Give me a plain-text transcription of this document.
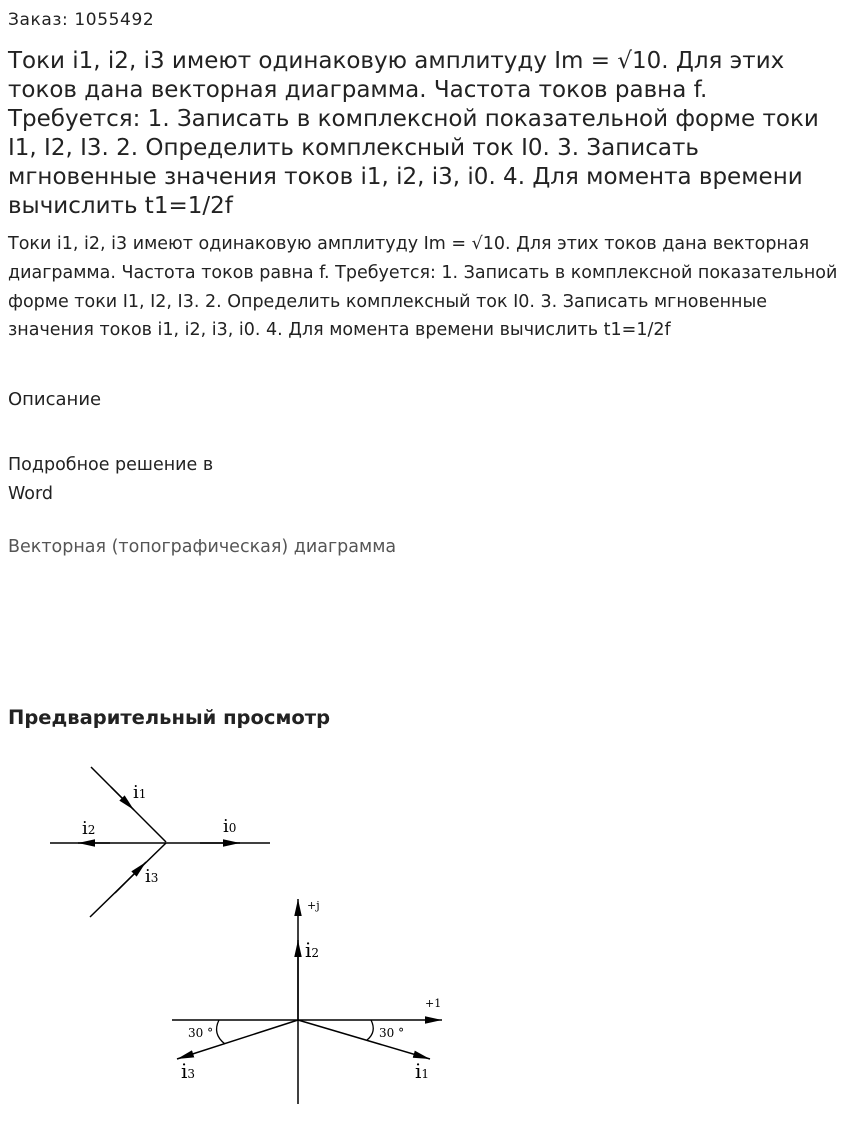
Заказ: 1055492
Токи i1, i2, i3 имеют одинаковую амплитуду Im = √10. Для этих токов дана векторная диаграмма. Частота токов равна f. Требуется: 1. Записать в комплексной показательной форме токи I1, I2, I3. 2. Определить комплексный ток I0. 3. Записать мгновенные значения токов i1, i2, i3, i0. 4. Для момента времени вычислить t1=1/2f

Токи i1, i2, i3 имеют одинаковую амплитуду Im = √10. Для этих токов дана векторная диаграмма. Частота токов равна f. Требуется: 1. Записать в комплексной показательной форме токи I1, I2, I3. 2. Определить комплексный ток I0. 3. Записать мгновенные значения токов i1, i2, i3, i0. 4. Для момента времени вычислить t1=1/2f

Описание
Подробное решение в
Word
Векторная (топографическая) диаграмма
Предварительный просмотр
i1
i2	i0
i3
+j
+1
i2
i1
i3
30 °
30 °
